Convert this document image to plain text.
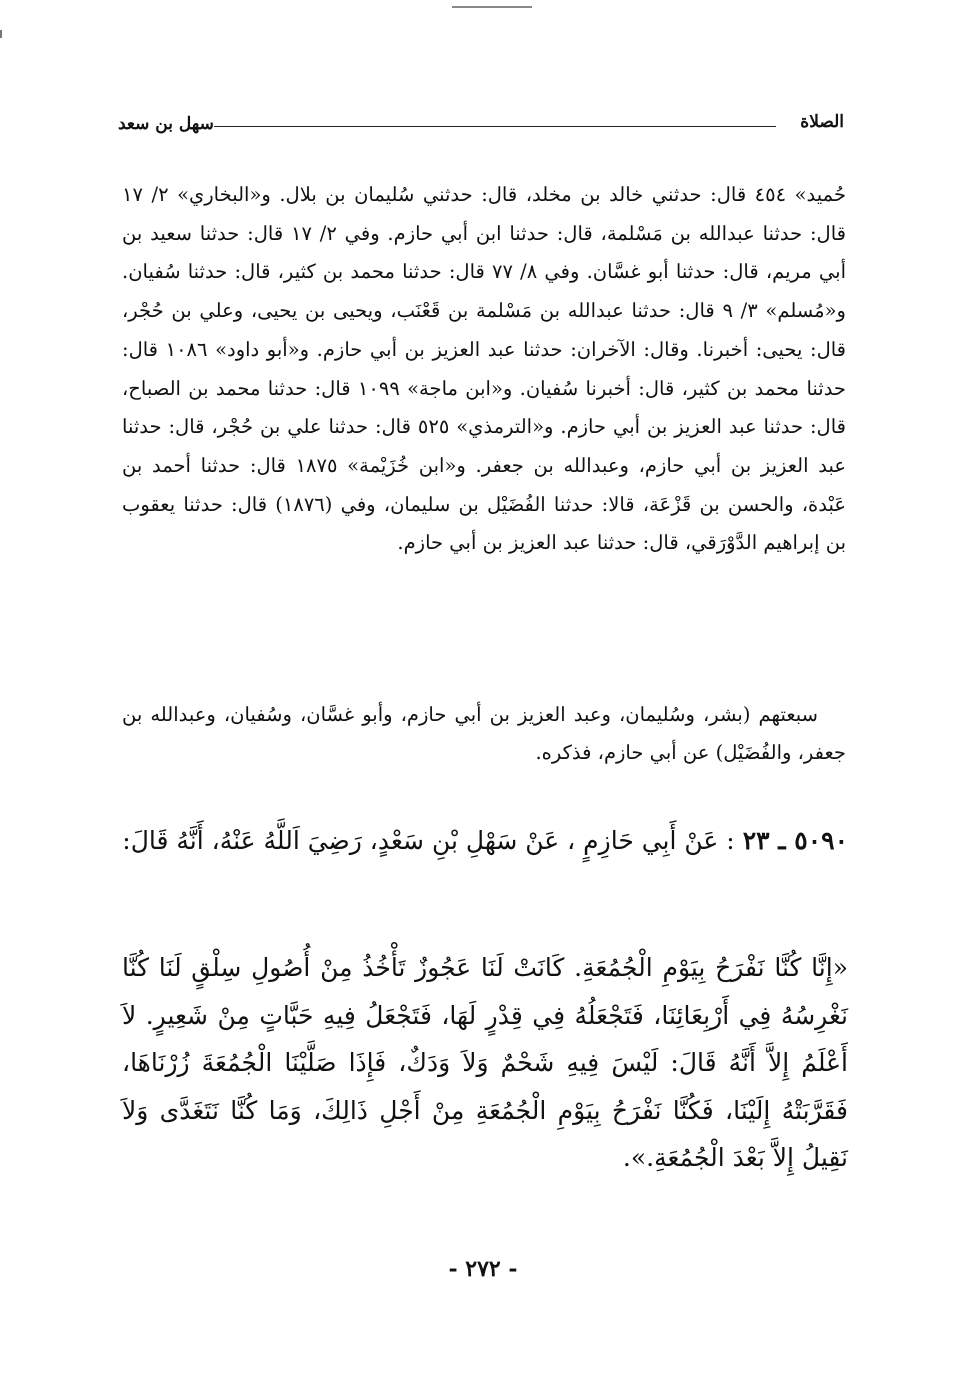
الصلاة
سهل بن سعد

حُميد» ٤٥٤ قال: حدثني خالد بن مخلد، قال: حدثني سُليمان بن بلال. و«البخاري» ٢/ ١٧ قال: حدثنا عبدالله بن مَسْلمة، قال: حدثنا ابن أبي حازم. وفي ٢/ ١٧ قال: حدثنا سعيد بن أبي مريم، قال: حدثنا أبو غسَّان. وفي ٨/ ٧٧ قال: حدثنا محمد بن كثير، قال: حدثنا سُفيان. و«مُسلم» ٣/ ٩ قال: حدثنا عبدالله بن مَسْلمة بن قَعْنَب، ويحيى بن يحيى، وعلي بن حُجْر، قال: يحيى: أخبرنا. وقال: الآخران: حدثنا عبد العزيز بن أبي حازم. و«أبو داود» ١٠٨٦ قال: حدثنا محمد بن كثير، قال: أخبرنا سُفيان. و«ابن ماجة» ١٠٩٩ قال: حدثنا محمد بن الصباح، قال: حدثنا عبد العزيز بن أبي حازم. و«الترمذي» ٥٢٥ قال: حدثنا علي بن حُجْر، قال: حدثنا عبد العزيز بن أبي حازم، وعبدالله بن جعفر. و«ابن خُزَيْمة» ١٨٧٥ قال: حدثنا أحمد بن عَبْدة، والحسن بن قَزْعَة، قالا: حدثنا الفُضَيْل بن سليمان، وفي (١٨٧٦) قال: حدثنا يعقوب بن إبراهيم الدَّوْرَقي، قال: حدثنا عبد العزيز بن أبي حازم.

سبعتهم (بشر، وسُليمان، وعبد العزيز بن أبي حازم، وأبو غسَّان، وسُفيان، وعبدالله بن جعفر، والفُضَيْل) عن أبي حازم، فذكره.

٥٠٩٠ ـ ٢٣ : عَنْ أَبِي حَازِمٍ ، عَنْ سَهْلِ بْنِ سَعْدٍ، رَضِيَ اَللَّهُ عَنْهُ، أَنَّهُ قَالَ:
«إِنَّا كُنَّا نَفْرَحُ بِيَوْمِ الْجُمُعَةِ. كَانَتْ لَنَا عَجُوزٌ تَأْخُذُ مِنْ أُصُولِ سِلْقٍ لَنَا كُنَّا نَغْرِسُهُ فِي أَرْبِعَائِنَا، فَتَجْعَلُهُ فِي قِدْرٍ لَهَا، فَتَجْعَلُ فِيهِ حَبَّاتٍ مِنْ شَعِيرٍ. لاَ أَعْلَمُ إِلاَّ أَنَّهُ قَالَ: لَيْسَ فِيهِ شَحْمٌ وَلاَ وَدَكٌ، فَإِذَا صَلَّيْنَا الْجُمُعَةَ زُرْنَاهَا، فَقَرَّبَتْهُ إِلَيْنَا، فَكُنَّا نَفْرَحُ بِيَوْمِ الْجُمُعَةِ مِنْ أَجْلِ ذَالِكَ، وَمَا كُنَّا نَتَغَدَّى وَلاَ نَقِيلُ إِلاَّ بَعْدَ الْجُمُعَةِ.».
- ٢٧٢ -
